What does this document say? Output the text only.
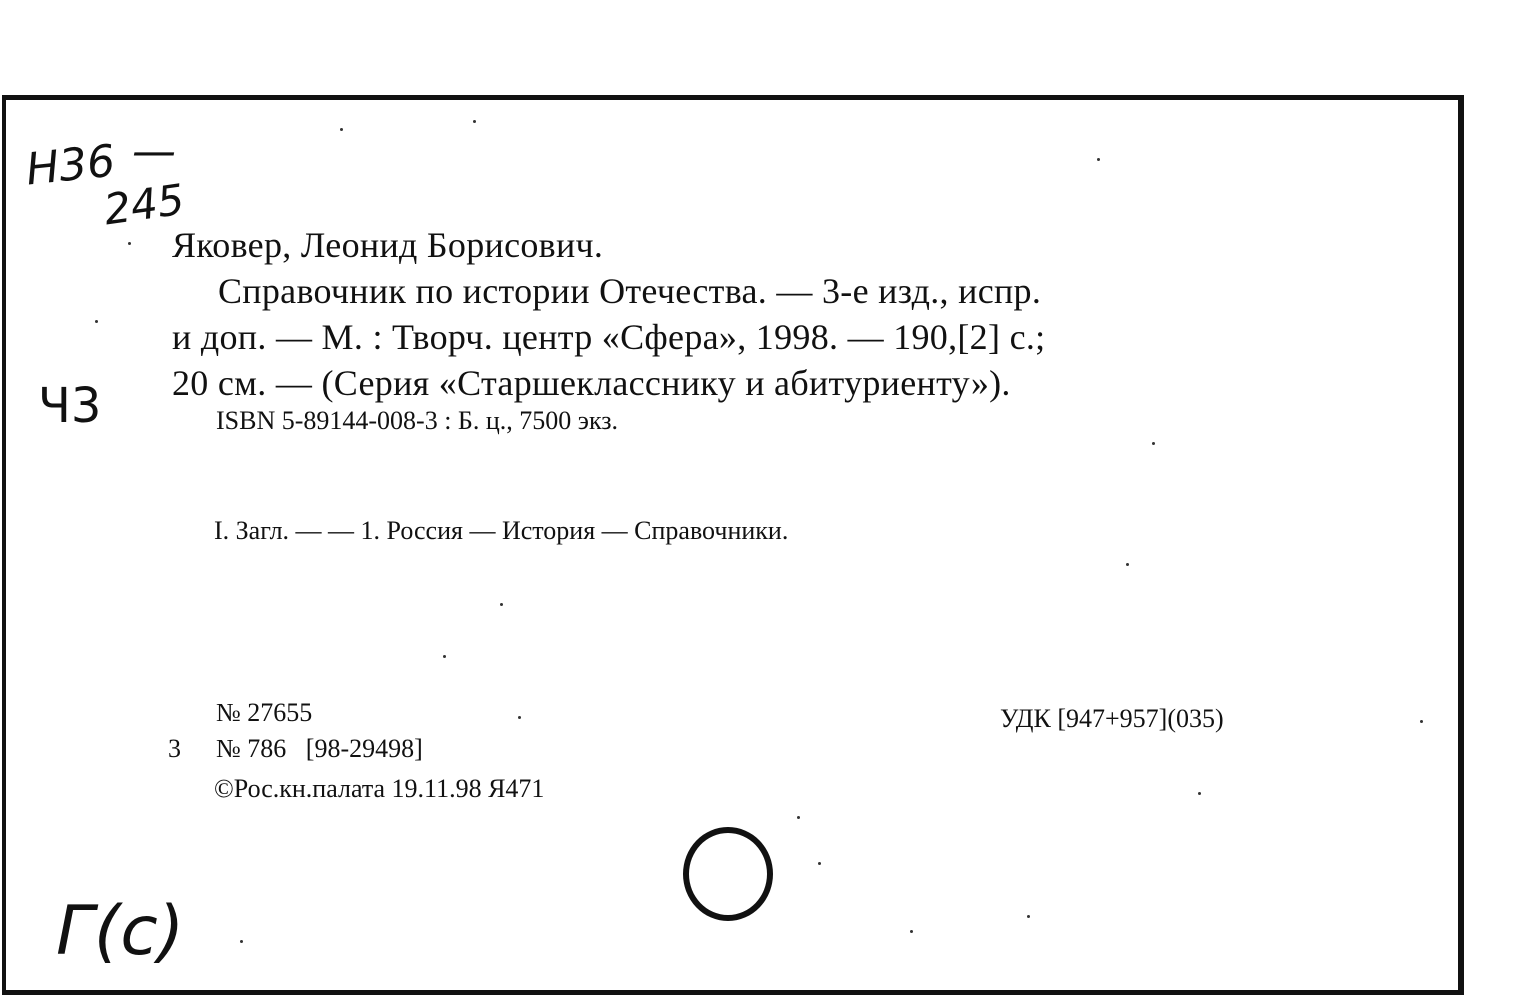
Н36 —
245
Ч3
Г(с)
Яковер, Леонид Борисович.
Справочник по истории Отечества. — 3-е изд., испр.
и доп. — М. : Творч. центр «Сфера», 1998. — 190,[2] с.;
20 см. — (Серия «Старшекласснику и абитуриенту»).
ISBN 5-89144-008-3 : Б. ц., 7500 экз.
I. Загл. — — 1. Россия — История — Справочники.
№ 27655
3 № 786   [98-29498]
©Рос.кн.палата 19.11.98 Я471
УДК [947+957](035)
